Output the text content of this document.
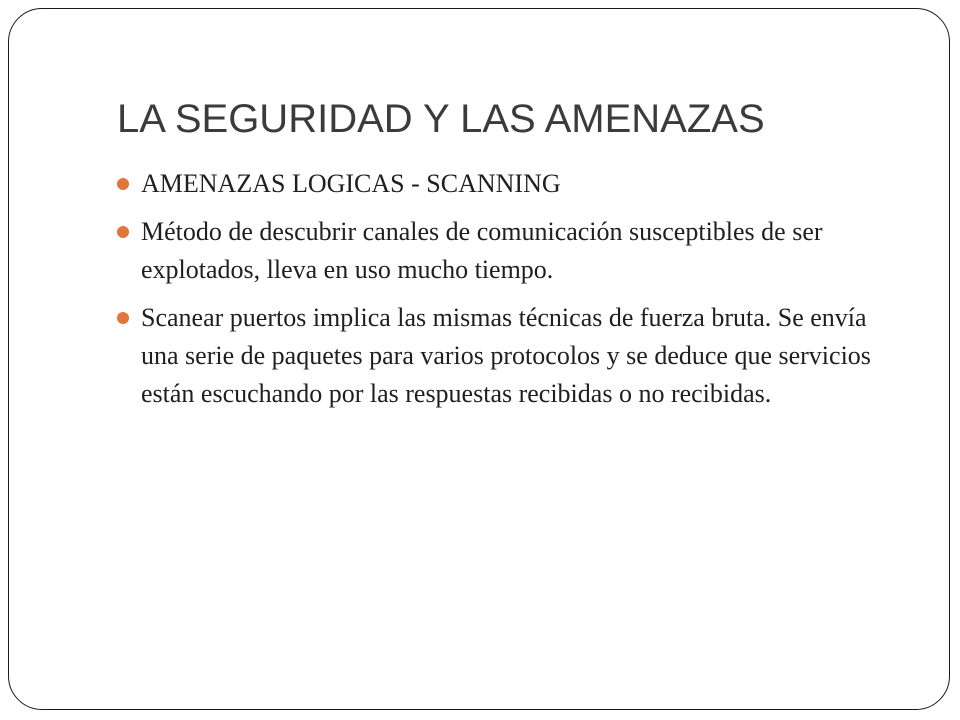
LA SEGURIDAD Y LAS AMENAZAS
AMENAZAS LOGICAS - SCANNING
Método de descubrir canales de comunicación susceptibles de ser explotados, lleva en uso mucho tiempo.
Scanear puertos implica las mismas técnicas de fuerza bruta. Se envía una serie de paquetes para varios protocolos y se deduce que servicios están escuchando por las respuestas recibidas o no recibidas.
